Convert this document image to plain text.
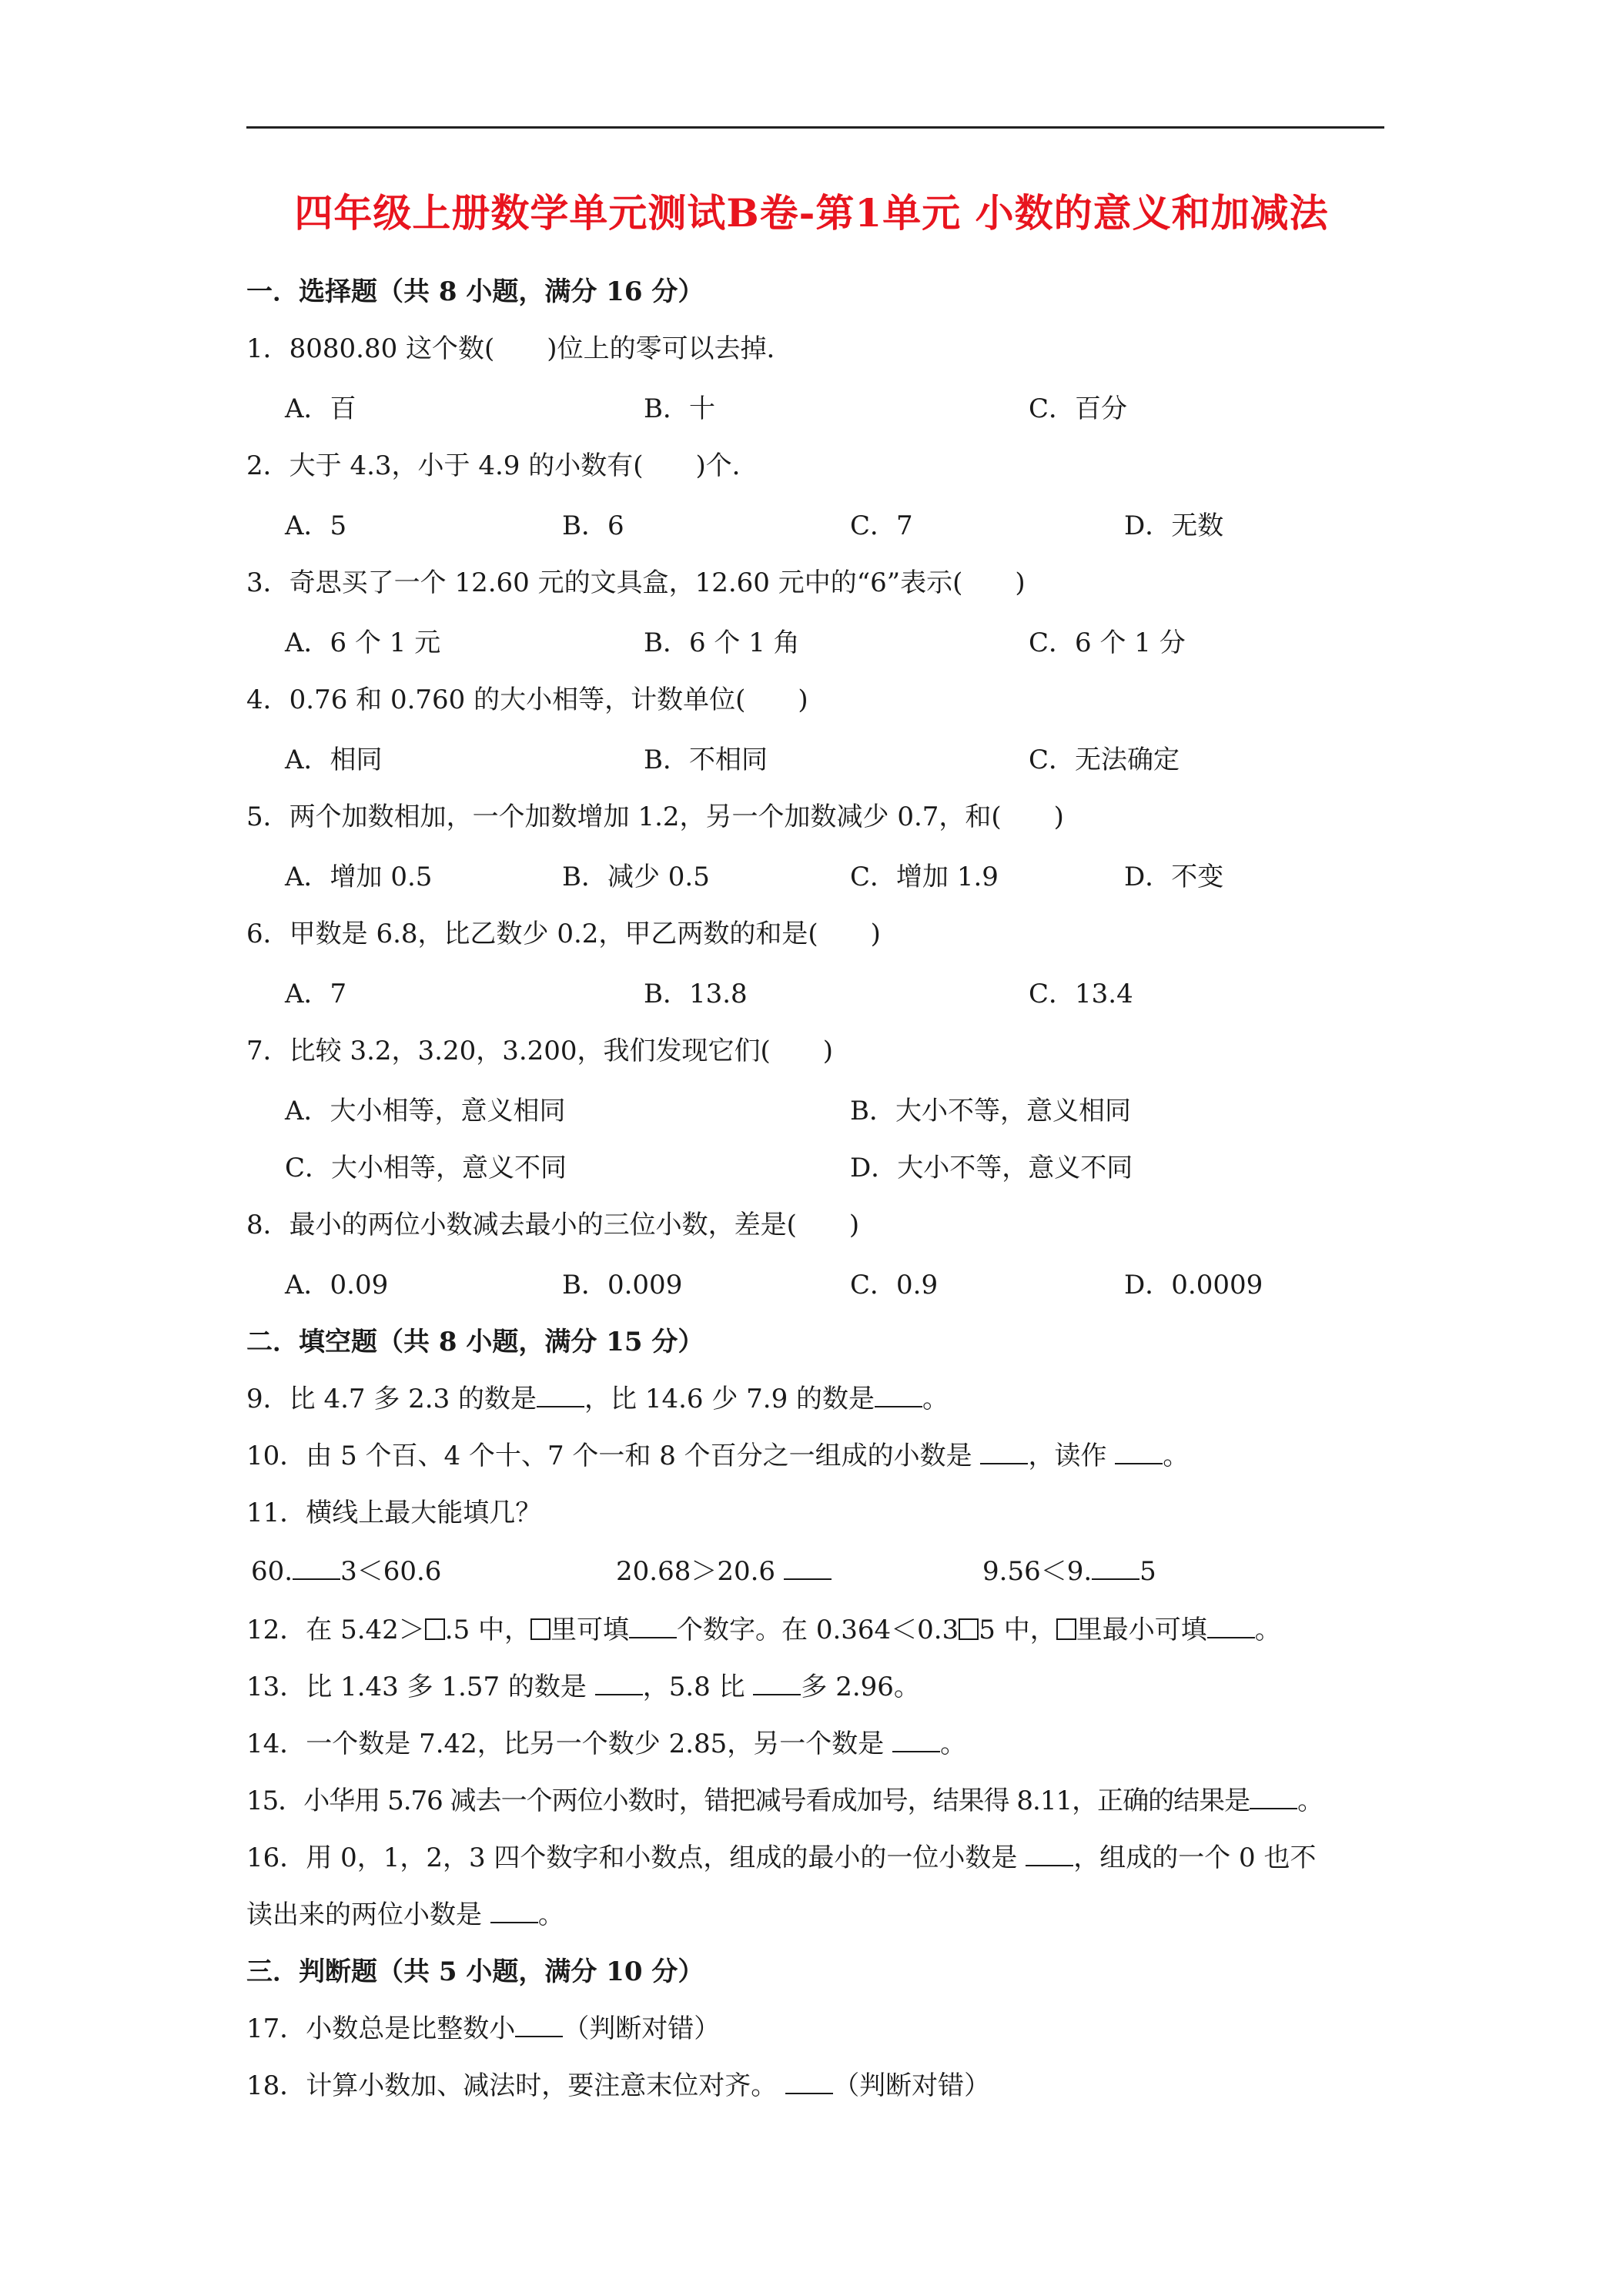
四年级上册数学单元测试B卷-第1单元 小数的意义和加减法
一．选择题（共 8 小题，满分 16 分）
1．8080.80 这个数(　　)位上的零可以去掉．
A．百	B．十	C．百分
2．大于 4.3，小于 4.9 的小数有(　　)个．
A．5	B．6	C．7	D．无数
3．奇思买了一个 12.60 元的文具盒，12.60 元中的“6”表示(　　)
A．6 个 1 元	B．6 个 1 角	C．6 个 1 分
4．0.76 和 0.760 的大小相等，计数单位(　　)
A．相同	B．不相同	C．无法确定
5．两个加数相加，一个加数增加 1.2，另一个加数减少 0.7，和(　　)
A．增加 0.5	B．减少 0.5	C．增加 1.9	D．不变
6．甲数是 6.8，比乙数少 0.2，甲乙两数的和是(　　)
A．7	B．13.8	C．13.4
7．比较 3.2，3.20，3.200，我们发现它们(　　)
A．大小相等，意义相同	B．大小不等，意义相同
C．大小相等，意义不同	D．大小不等，意义不同
8．最小的两位小数减去最小的三位小数，差是(　　)
A．0.09	B．0.009	C．0.9	D．0.0009
二．填空题（共 8 小题，满分 15 分）
9．比 4.7 多 2.3 的数是 ，比 14.6 少 7.9 的数是 。
10．由 5 个百、4 个十、7 个一和 8 个百分之一组成的小数是 ，读作 。
11．横线上最大能填几？
60. 3＜60.6	20.68＞20.6	9.56＜9. 5
12．在 5.42＞ .5 中， 里可填 个数字。在 0.364＜0.3 5 中， 里最小可填 。
13．比 1.43 多 1.57 的数是 ，5.8 比 多 2.96。
14．一个数是 7.42，比另一个数少 2.85，另一个数是 。
15．小华用 5.76 减去一个两位小数时，错把减号看成加号，结果得 8.11，正确的结果是 。
16．用 0，1，2，3 四个数字和小数点，组成的最小的一位小数是 ，组成的一个 0 也不
读出来的两位小数是 。
三．判断题（共 5 小题，满分 10 分）
17．小数总是比整数小 （判断对错）
18．计算小数加、减法时，要注意末位对齐。 （判断对错）
